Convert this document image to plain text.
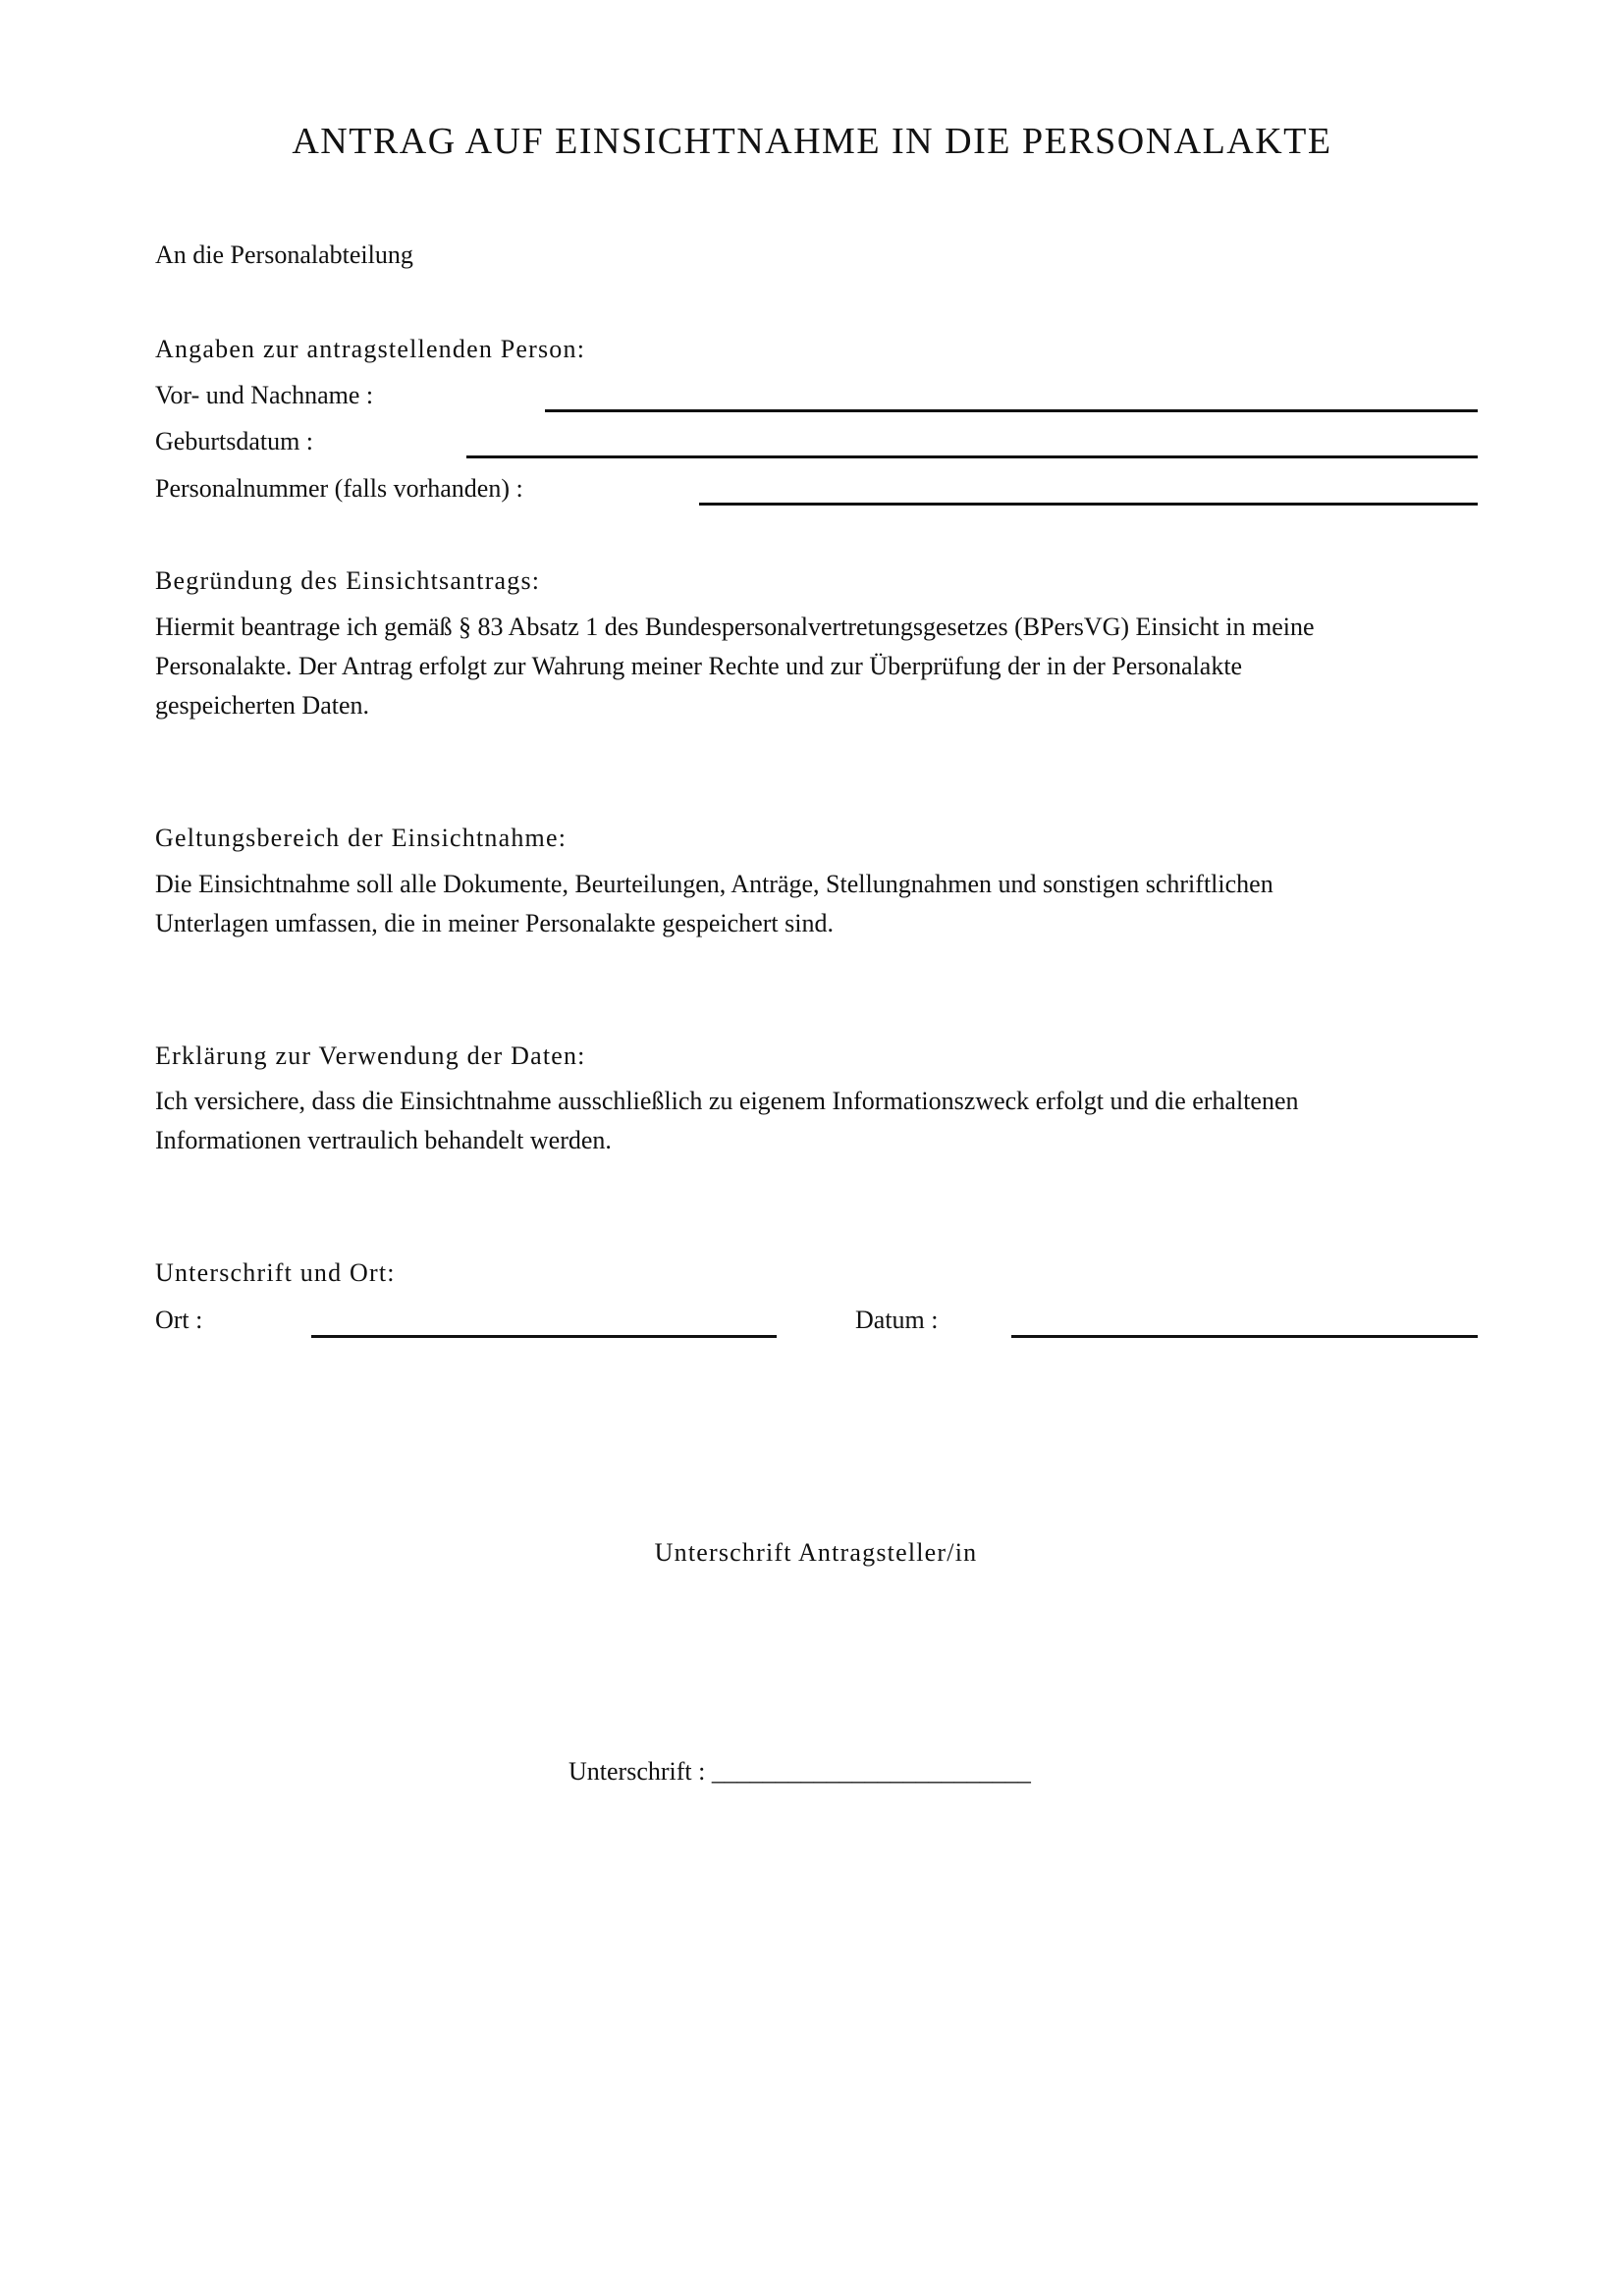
ANTRAG AUF EINSICHTNAHME IN DIE PERSONALAKTE
An die Personalabteilung
Angaben zur antragstellenden Person:
Vor- und Nachname :
Geburtsdatum :
Personalnummer (falls vorhanden) :
Begründung des Einsichtsantrags:
Hiermit beantrage ich gemäß § 83 Absatz 1 des Bundespersonalvertretungsgesetzes (BPersVG) Einsicht in meine
Personalakte. Der Antrag erfolgt zur Wahrung meiner Rechte und zur Überprüfung der in der Personalakte
gespeicherten Daten.
Geltungsbereich der Einsichtnahme:
Die Einsichtnahme soll alle Dokumente, Beurteilungen, Anträge, Stellungnahmen und sonstigen schriftlichen
Unterlagen umfassen, die in meiner Personalakte gespeichert sind.
Erklärung zur Verwendung der Daten:
Ich versichere, dass die Einsichtnahme ausschließlich zu eigenem Informationszweck erfolgt und die erhaltenen
Informationen vertraulich behandelt werden.
Unterschrift und Ort:
Ort :	Datum :
Unterschrift Antragsteller/in
Unterschrift : _________________________
